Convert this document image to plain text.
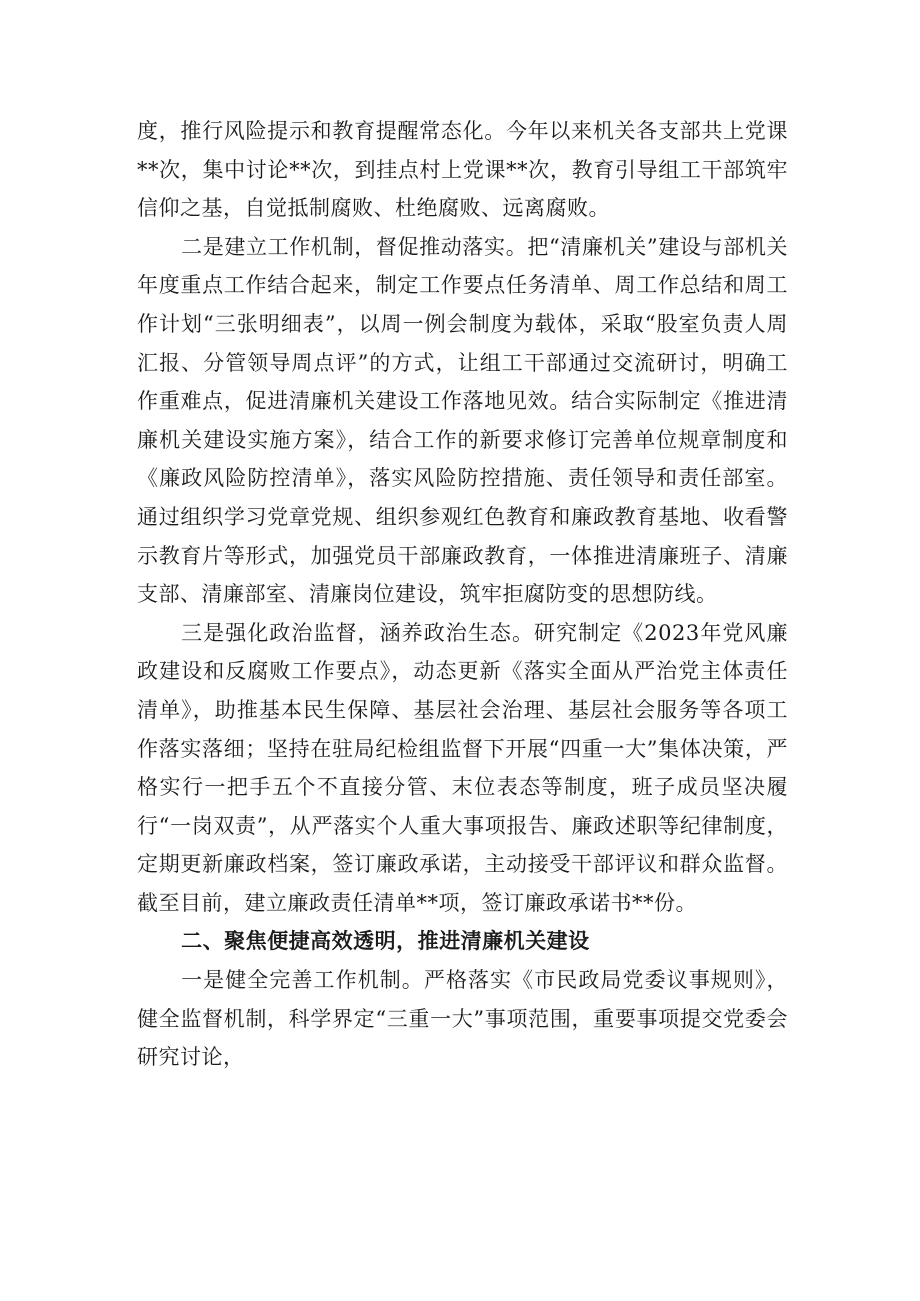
度，推行风险提示和教育提醒常态化。今年以来机关各支部共上党课**次，集中讨论**次，到挂点村上党课**次，教育引导组工干部筑牢信仰之基，自觉抵制腐败、杜绝腐败、远离腐败。

二是建立工作机制，督促推动落实。把“清廉机关”建设与部机关年度重点工作结合起来，制定工作要点任务清单、周工作总结和周工作计划“三张明细表”，以周一例会制度为载体，采取“股室负责人周汇报、分管领导周点评”的方式，让组工干部通过交流研讨，明确工作重难点，促进清廉机关建设工作落地见效。结合实际制定《推进清廉机关建设实施方案》，结合工作的新要求修订完善单位规章制度和《廉政风险防控清单》，落实风险防控措施、责任领导和责任部室。通过组织学习党章党规、组织参观红色教育和廉政教育基地、收看警示教育片等形式，加强党员干部廉政教育，一体推进清廉班子、清廉支部、清廉部室、清廉岗位建设，筑牢拒腐防变的思想防线。

三是强化政治监督，涵养政治生态。研究制定《2023年党风廉政建设和反腐败工作要点》，动态更新《落实全面从严治党主体责任清单》，助推基本民生保障、基层社会治理、基层社会服务等各项工作落实落细；坚持在驻局纪检组监督下开展“四重一大”集体决策，严格实行一把手五个不直接分管、末位表态等制度，班子成员坚决履行“一岗双责”，从严落实个人重大事项报告、廉政述职等纪律制度，定期更新廉政档案，签订廉政承诺，主动接受干部评议和群众监督。截至目前，建立廉政责任清单**项，签订廉政承诺书**份。

二、聚焦便捷高效透明，推进清廉机关建设

一是健全完善工作机制。严格落实《市民政局党委议事规则》，健全监督机制，科学界定“三重一大”事项范围，重要事项提交党委会研究讨论，
